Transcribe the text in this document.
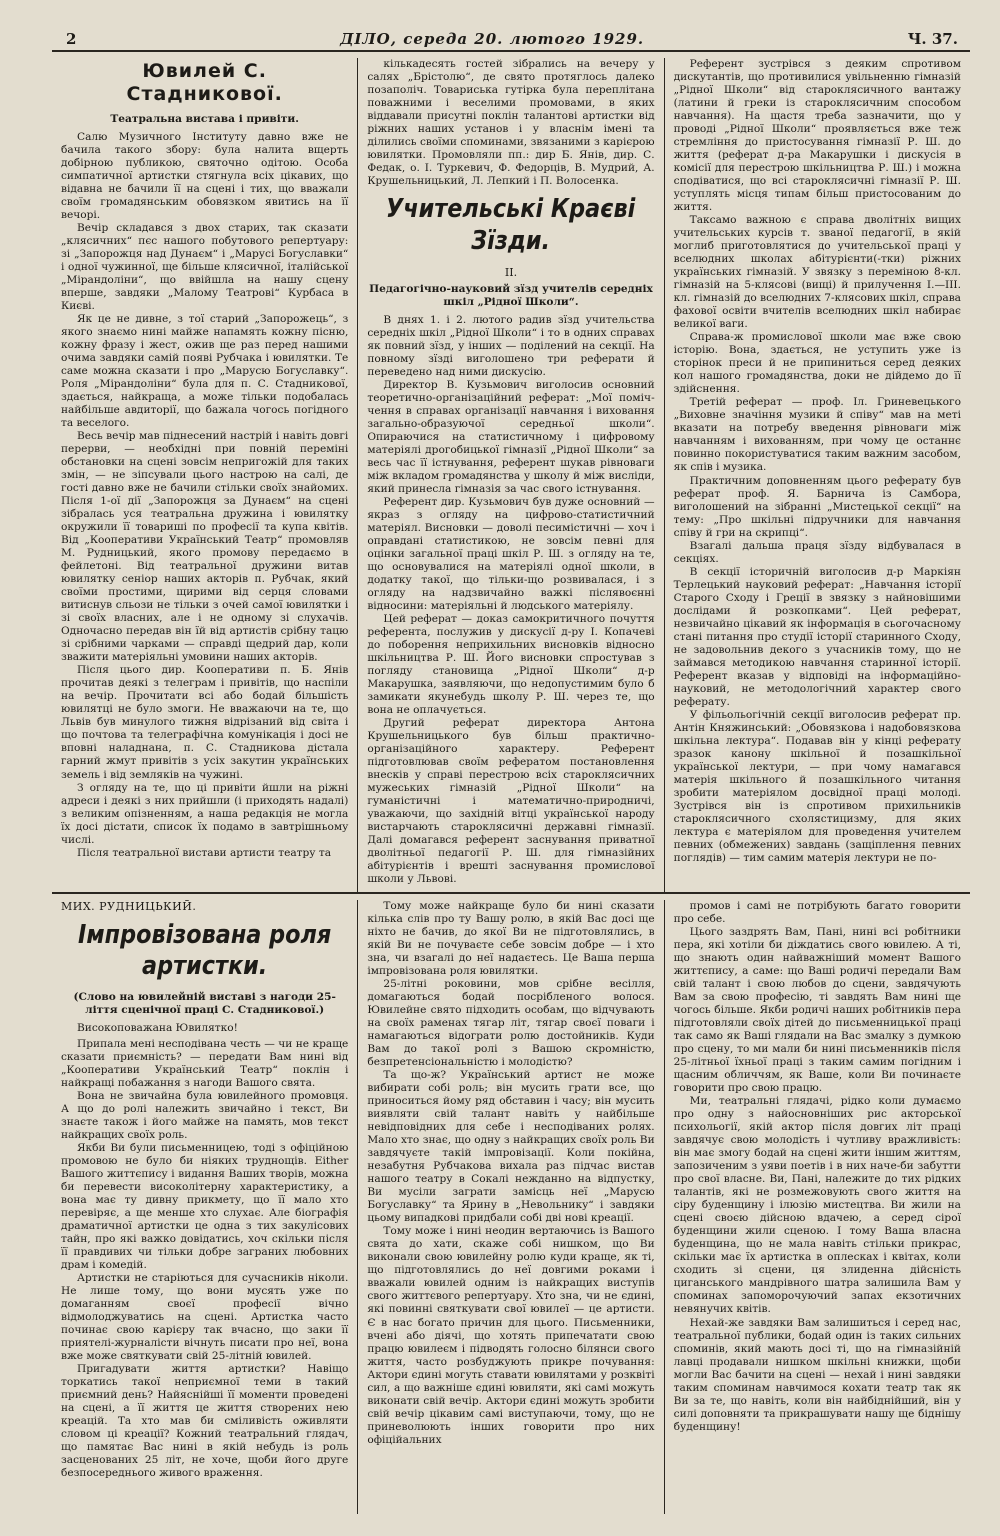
2	ДІЛО, середа 20. лютого 1929.	Ч. 37.
Ювилей С. Стадникової.
Театральна вистава і привіти.

Салю Музичного Інституту давно вже не бачила такого збору: була налита вщерть добірною публикою, святочно одітою. Особа симпатичної артистки стягнула всіх цікавих, що відавна не бачили її на сцені і тих, що вважали своїм громадянським обовязком явитись на її вечорі.

Вечір складався з двох старих, так сказати „клясичних“ пєс нашого побутового репертуару: зі „Запорожця над Дунаєм“ і „Марусі Богуславки“ і одної чужинної, ще більше клясичної, італійської „Мірандоліни“, що ввійшла на нашу сцену вперше, завдяки „Малому Театрові“ Курбаса в Києві.

Як це не дивне, з тої старий „Запорожець“, з якого знаємо нині майже напамять кожну пісню, кожну фразу і жест, ожив ще раз перед нашими очима завдяки самій появі Рубчака і ювилятки. Те саме можна сказати і про „Марусю Богуславку“. Роля „Мірандоліни“ була для п. С. Стадникової, здається, найкраща, а може тільки подобалась найбільше авдиторії, що бажала чогось погідного та веселого.

Весь вечір мав піднесений настрій і навіть довгі перерви, — необхідні при повній переміні обстановки на сцені зовсім непригожій для таких змін, — не зіпсували цього настрою на салі, де гості давно вже не бачили стільки своїх знайомих. Після 1-ої дії „Запорожця за Дунаєм“ на сцені зібралась уся театральна дружина і ювилятку окружили її товариші по професії та купа квітів. Від „Кооперативи Український Театр“ промовляв М. Рудницький, якого промову передаємо в фейлетоні. Від театральної дружини витав ювилятку сеніор наших акторів п. Рубчак, який своїми простими, щирими від серця словами витиснув сльози не тільки з очей самої ювилятки і зі своїх власних, але і не одному зі слухачів. Одночасно передав він їй від артистів срібну тацю зі срібними чарками — справді щедрий дар, коли зважити матеріяльні умовини наших акторів.

Після цього дир. Кооперативи п. Б. Янів прочитав деякі з телеграм і привітів, що наспіли на вечір. Прочитати всі або бодай більшість ювилятці не було змоги. Не вважаючи на те, що Львів був минулого тижня відрізаний від світа і що почтова та телеграфічна комунікація і досі не вповні наладнана, п. С. Стадникова дістала гарний жмут привітів з усіх закутин українських земель і від земляків на чужині.

З огляду на те, що ці привіти йшли на ріжні адреси і деякі з них прийшли (і приходять надалі) з великим опізненням, а наша редакція не могла їх досі дістати, список їх подамо в завтрішньому числі.

Після театральної вистави артисти театру та

кількадесять гостей зібрались на вечеру у салях „Брістолю“, де свято протяглось далеко позаполіч. Товариська гутірка була переплітана поважними і веселими промовами, в яких віддавали присутні поклін талантові артистки від ріжних наших установ і у власнім імені та ділились своїми споминами, звязаними з карієрою ювилятки. Промовляли пп.: дир Б. Янів, дир. С. Федак, о. І. Туркевич, Ф. Федорців, В. Мудрий, А. Крушельницький, Л. Лепкий і П. Волосенка.

Учительські Краєві Зїзди.
II.
Педагогічно-науковий зїзд учителів середніх шкіл „Рідної Школи“.

В днях 1. і 2. лютого радив зїзд учительства середніх шкіл „Рідної Школи“ і то в одних справах як повний зїзд, у інших — поділений на секції. На повному зїзді виголошено три реферати й переведено над ними дискусію.

Директор В. Кузьмович виголосив основний теоретично-організаційний реферат: „Мої поміччення в справах організації навчання і виховання загально-образуючої середньої школи“. Опираючися на статистичному і цифровому матеріялі дрогобицької гімназії „Рідної Школи“ за весь час її істнування, референт шукав рівноваги між вкладом громадянства у школу й між висліди, який принесла гімназія за час свого істнування.

Референт дир. Кузьмович був дуже основний — якраз з огляду на цифрово-статистичний матеріял. Висновки — доволі песимістичні — хоч і оправдані статистикою, не зовсім певні для оцінки загальної праці шкіл Р. Ш. з огляду на те, що основувалися на матеріялі одної школи, в додатку такої, що тільки-що розвивалася, і з огляду на надзвичайно важкі післявоєнні відносини: матеріяльні й людського матеріялу.

Цей реферат — доказ самокритичного почуття референта, послужив у дискусії д-ру І. Копачеві до поборення неприхильних висновків відносно шкільництва Р. Ш. Його висновки спростував з погляду становища „Рідної Школи“ д-р Макарушка, заявляючи, що недопустимим було б замикати якунебудь школу Р. Ш. через те, що вона не оплачується.

Другий реферат директора Антона Крушельницького був більш практично-організаційного характеру. Референт підготовлював своїм рефератом постановлення внесків у справі перестрою всіх староклясичних мужеських гімназій „Рідної Школи“ на гуманістичні і математично-природничі, уважаючи, що західній вітці української народу вистарчають староклясичні державні гімназії. Далі домагався референт заснування приватної дволітньої педагогії Р. Ш. для гімназійних абітурієнтів і врешті заснування промислової школи у Львові.

Референт зустрівся з деяким спротивом дискутантів, що противилися увільненню гімназій „Рідної Школи“ від староклясичного вантажу (латини й греки із староклясичним способом навчання). На щастя треба зазначити, що у проводі „Рідної Школи“ проявляється вже теж стремління до пристосування гімназії Р. Ш. до життя (реферат д-ра Макарушки і дискусія в комісії для перестрою шкільництва Р. Ш.) і можна сподіватися, що всі староклясичні гімназії Р. Ш. уступлять місця типам більш пристосованим до життя.

Таксамо важною є справа дволітніх вищих учительських курсів т. званої педагогії, в якій моглиб приготовлятися до учительської праці у вселюдних школах абітурієнти(-тки) ріжних українських гімназій. У звязку з переміною 8-кл. гімназій на 5-клясові (вищі) й прилучення І.—ІІІ. кл. гімназій до вселюдних 7-клясових шкіл, справа фахової освіти вчителів вселюдних шкіл набирає великої ваги.

Справа-ж промислової школи має вже свою історію. Вона, здається, не уступить уже із сторінок преси й не припиниться серед деяких кол нашого громадянства, доки не дійдемо до її здійснення.

Третій реферат — проф. Іл. Гриневецького „Виховне значіння музики й співу“ мав на меті вказати на потребу введення рівноваги між навчанням і вихованням, при чому це останнє повинно покористуватися таким важним засобом, як спів і музика.

Практичним доповненням цього реферату був реферат проф. Я. Барнича із Самбора, виголошений на зібранні „Мистецької секції“ на тему: „Про шкільні підручники для навчання співу й гри на скрипці“.

Взагалі дальша праця зїзду відбувалася в секціях.

В секції історичній виголосив д-р Маркіян Терлецький науковий реферат: „Навчання історії Старого Сходу і Греції в звязку з найновішими дослідами й розкопками“. Цей реферат, незвичайно цікавий як інформація в сьогочасному стані питання про студії історії старинного Сходу, не задовольнив декого з учасників тому, що не займався методикою навчання старинної історії. Референт вказав у відповіді на інформаційно-науковий, не методологічний характер свого реферату.

У фільольогічній секції виголосив реферат пр. Антін Княжинський: „Обовязкова і надобовязкова шкільна лектура“. Подавав він у кінці реферату зразок канону шкільної й позашкільної української лектури, — при чому намагався матерія шкільного й позашкільного читання зробити матеріялом досвідної праці молоді. Зустрівся він із спротивом прихильників староклясичного схолястицизму, для яких лектура є матеріялом для проведення учителем певних (обмежених) завдань (защіплення певних поглядів) — тим самим матерія лектури не по-

МИХ. РУДНИЦЬКИЙ.
Імпровізована роля артистки.
(Слово на ювилейній виставі з нагоди 25-ліття сценічної праці С. Стадникової.)

Високоповажана Ювилятко!

Припала мені несподівана честь — чи не краще сказати приємність? — передати Вам нині від „Кооперативи Український Театр“ поклін і найкращі побажання з нагоди Вашого свята.

Вона не звичайна була ювилейного промовця. А що до ролі належить звичайно і текст, Ви знаєте також і його майже на память, мов текст найкращих своїх роль.

Якби Ви були письменницею, тоді з офіційною промовою не було би ніяких труднощів. Either Вашого життєпису і видання Ваших творів, можна би перевести високолітерну характеристику, а вона має ту дивну прикмету, що її мало хто перевіряє, а ще менше хто слухає. Але біографія драматичної артистки це одна з тих закулісових тайн, про які важко довідатись, хоч скільки після її правдивих чи тільки добре заграних любовних драм і комедій.

Артистки не старіються для сучасників ніколи. Не лише тому, що вони мусять уже по домаганням своєї професії вічно відмолоджуватись на сцені. Артистка часто починає свою карієру так вчасно, що заки її приятелі-журналісти вічнуть писати про неї, вона вже може святкувати свій 25-літній ювилей.

Пригадувати життя артистки? Навіщо торкатись такої неприємної теми в такий приємний день? Найяснійші її моменти проведені на сцені, а її життя це життя створених нею креацій. Та хто мав би сміливість оживляти словом ці креації? Кожний театральний глядач, що памятає Вас нині в якій небудь із роль засценованих 25 літ, не хоче, щоби його друге безпосереднього живого враження.

Тому може найкраще було би нині сказати кілька слів про ту Вашу ролю, в якій Вас досі ще ніхто не бачив, до якої Ви не підготовлялись, в якій Ви не почуваєте себе зовсім добре — і хто зна, чи взагалі до неї надаєтесь. Це Ваша перша імпровізована роля ювилятки.

25-літні роковини, мов срібне весілля, домагаються бодай посрібленого волося. Ювилейне свято підходить особам, що відчувають на своїх раменах тягар літ, тягар своєї поваги і намагаються відограти ролю достойників. Куди Вам до такої ролі з Вашою скромністю, безпретенсіональністю і молодістю?

Та що-ж? Український артист не може вибирати собі роль; він мусить грати все, що приноситься йому ряд обставин і часу; він мусить виявляти свій талант навіть у найбільше невідповідних для себе і несподіваних ролях. Мало хто знає, що одну з найкращих своїх роль Ви завдячуєте такій імпровізації. Коли покійна, незабутня Рубчакова вихала раз підчас вистав нашого театру в Сокалі нежданно на відпустку, Ви мусіли заграти замісць неї „Марусю Богуславку“ та Ярину в „Невольнику“ і завдяки цьому випадкові придбали собі дві нові креації.

Тому може і нині неодин вертаючись із Вашого свята до хати, скаже собі нишком, що Ви виконали свою ювилейну ролю куди краще, як ті, що підготовлялись до неї довгими роками і вважали ювилей одним із найкращих виступів свого життєвого репертуару. Хто зна, чи не єдині, які повинні святкувати свої ювилеї — це артисти. Є в нас богато причин для цього. Письменники, вчені або діячі, що хотять припечатати свою працю ювилеєм і підводять голосно білянси свого життя, часто розбуджують прикре почування: Актори єдині могуть ставати ювилятами у розквіті сил, а що важніше єдині ювиляти, які самі можуть виконати свій вечір. Актори єдині можуть зробити свій вечір цікавим самі виступаючи, тому, що не приневолюють інших говорити про них офіційальних

промов і самі не потрібують багато говорити про себе.

Цього заздрять Вам, Пані, нині всі робітники пера, які хотіли би діждатись свого ювилею. А ті, що знають один найважніший момент Вашого життєпису, а саме: що Ваші родичі передали Вам свій талант і свою любов до сцени, завдячують Вам за свою професію, ті завдять Вам нині ще чогось більше. Якби родичі наших робітників пера підготовляли своїх дітей до письменницької праці так само як Ваші глядали на Вас змалку з думкою про сцену, то ми мали би нині письменників після 25-літньої їхньої праці з таким самим погідним і щасним обличчям, як Ваше, коли Ви починаєте говорити про свою працю.

Ми, театральні глядачі, рідко коли думаємо про одну з найосновніших рис акторської психольогії, якій актор після довгих літ праці завдячує свою молодість і чутливу вражливість: він має змогу бодай на сцені жити іншим життям, запозиченим з уяви поетів і в них наче-би забутти про свої власне. Ви, Пані, належите до тих рідких талантів, які не розмежовують свого життя на сіру буденщину і ілюзію мистецтва. Ви жили на сцені своєю дійсною вдачею, а серед сірої буденщини жили сценою. І тому Ваша власна буденщина, що не мала навіть стільки прикрас, скільки має їх артистка в оплесках і квітах, коли сходить зі сцени, ця злиденна дійсність циганського мандрівного шатра залишила Вам у споминах запоморочуючий запах екзотичних невянучих квітів.

Нехай-же завдяки Вам залишиться і серед нас, театральної публики, бодай один із таких сильних споминів, який мають досі ті, що на гімназійній лавці продавали нишком шкільні книжки, щоби могли Вас бачити на сцені — нехай і нині завдяки таким споминам навчимося кохати театр так як Ви за те, що навіть, коли він найбіднійший, він у силі доповняти та прикрашувати нашу ще біднішу буденщину!
